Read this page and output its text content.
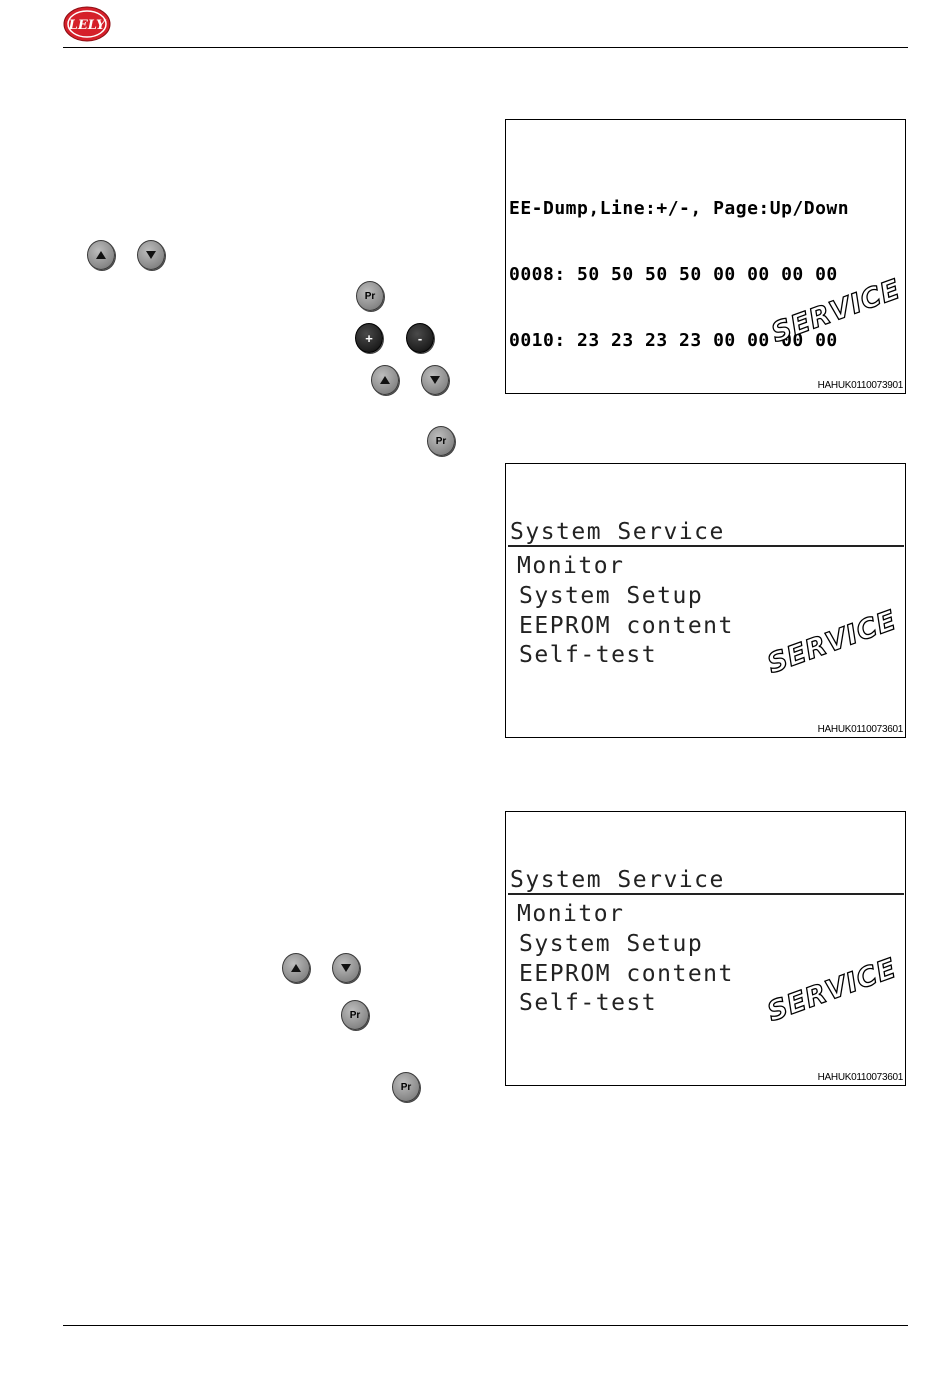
LELY
Pr
+	-
Pr
Pr
Pr

EE-Dump,Line:+/-, Page:Up/Down

0008: 50 50 50 50 00 00 00 00

0010: 23 23 23 23 00 00 00 00

SERVICE
HAHUK0110073901
System Service
Monitor
System Setup
EEPROM content
Self-test	SERVICE
HAHUK0110073601
System Service
Monitor
System Setup
EEPROM content
Self-test	SERVICE
HAHUK0110073601
